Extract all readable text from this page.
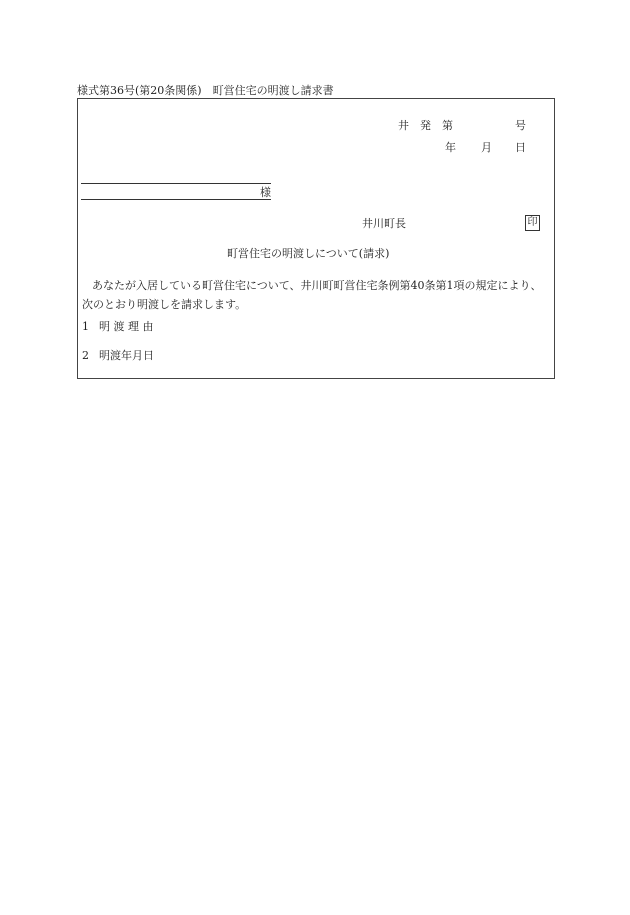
様式第36号(第20条関係)　町営住宅の明渡し請求書
井　発　第	号
年 月 日
様
井川町長	印
町営住宅の明渡しについて(請求)
あなたが入居している町営住宅について、井川町町営住宅条例第40条第1項の規定により、次のとおり明渡しを請求します。
1 明 渡 理 由
2 明渡年月日
